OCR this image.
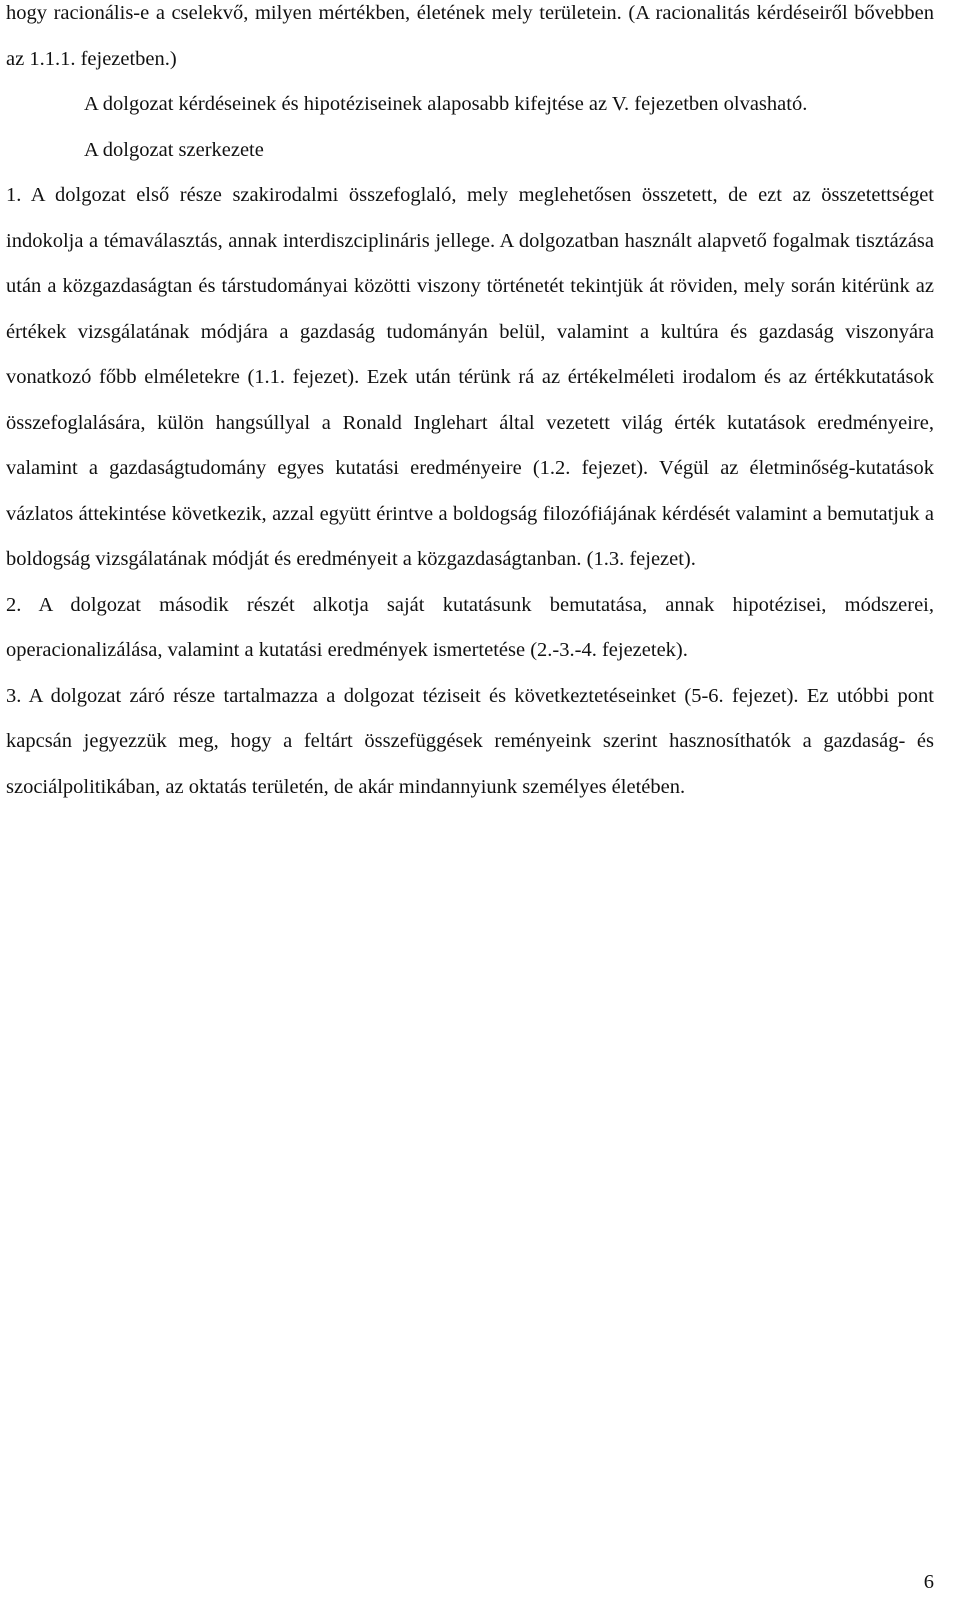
hogy racionális-e a cselekvő, milyen mértékben, életének mely területein. (A racionalitás kérdéseiről bővebben az 1.1.1. fejezetben.)

A dolgozat kérdéseinek és hipotéziseinek alaposabb kifejtése az V. fejezetben olvasható.

A dolgozat szerkezete

1. A dolgozat első része szakirodalmi összefoglaló, mely meglehetősen összetett, de ezt az összetettséget indokolja a témaválasztás, annak interdiszciplináris jellege. A dolgozatban használt alapvető fogalmak tisztázása után a közgazdaságtan és társtudományai közötti viszony történetét tekintjük át röviden, mely során kitérünk az értékek vizsgálatának módjára a gazdaság tudományán belül, valamint a kultúra és gazdaság viszonyára vonatkozó főbb elméletekre (1.1. fejezet). Ezek után térünk rá az értékelméleti irodalom és az értékkutatások összefoglalására, külön hangsúllyal a Ronald Inglehart által vezetett világ érték kutatások eredményeire, valamint a gazdaságtudomány egyes kutatási eredményeire (1.2. fejezet). Végül az életminőség-kutatások vázlatos áttekintése következik, azzal együtt érintve a boldogság filozófiájának kérdését valamint a bemutatjuk a boldogság vizsgálatának módját és eredményeit a közgazdaságtanban. (1.3. fejezet).

2. A dolgozat második részét alkotja saját kutatásunk bemutatása, annak hipotézisei, módszerei, operacionalizálása, valamint a kutatási eredmények ismertetése (2.-3.-4. fejezetek).

3. A dolgozat záró része tartalmazza a dolgozat téziseit és következtetéseinket (5-6. fejezet). Ez utóbbi pont kapcsán jegyezzük meg, hogy a feltárt összefüggések reményeink szerint hasznosíthatók a gazdaság- és szociálpolitikában, az oktatás területén, de akár mindannyiunk személyes életében.

6
